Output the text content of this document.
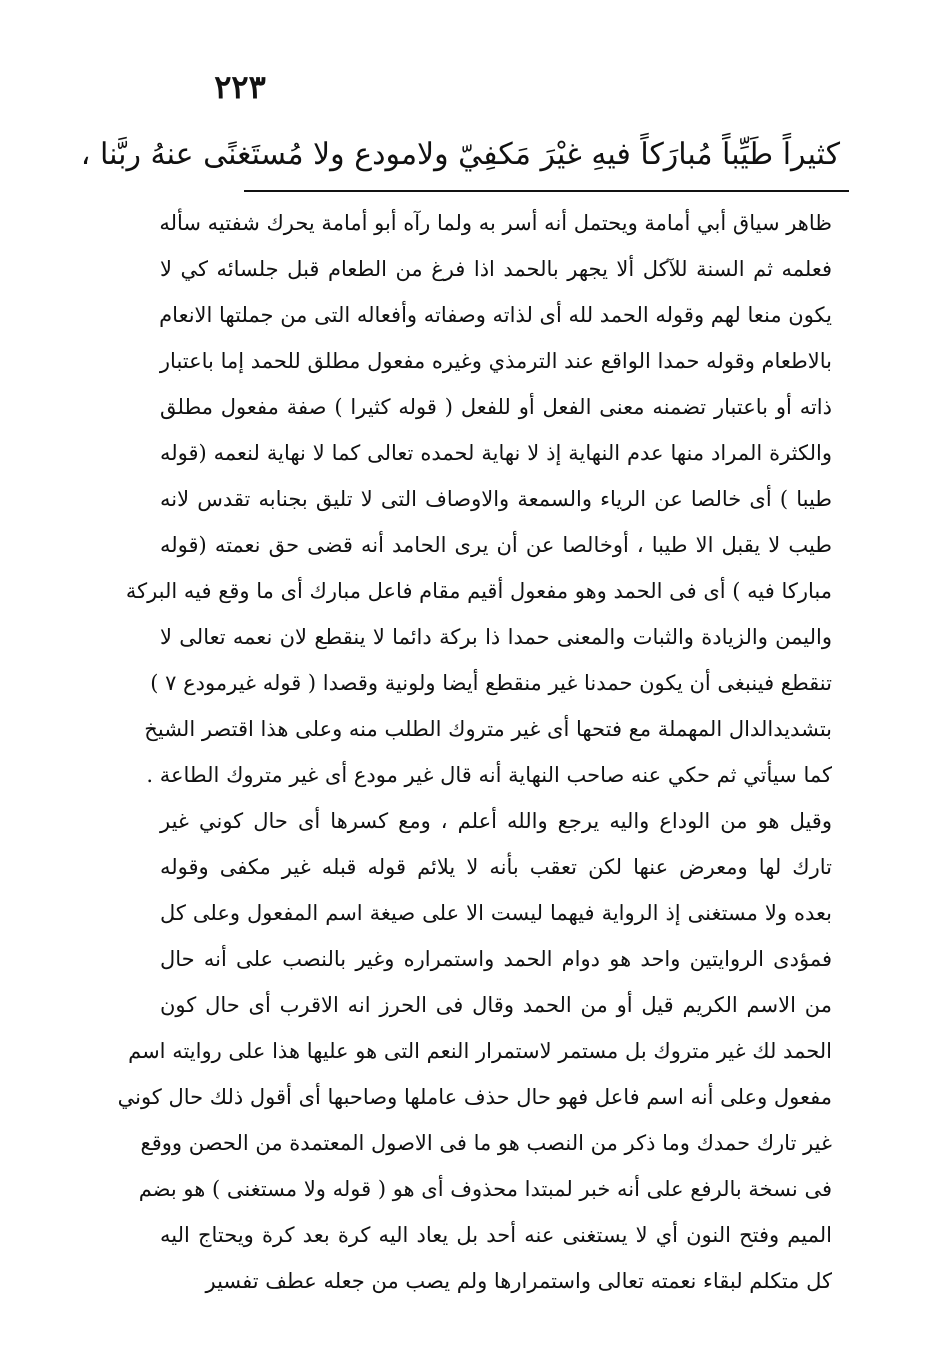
٢٢٣
كثيراً طَيِّباً مُبارَكاً فيهِ غيْرَ مَكفِيّ ولامودع ولا مُستَغنًى عنهُ ربَّنا ،
ظاهر سياق أبي أمامة ويحتمل أنه أسر به ولما رآه أبو أمامة يحرك شفتيه سأله
فعلمه ثم السنة للآكل ألا يجهر بالحمد اذا فرغ من الطعام قبل جلسائه كي لا
يكون منعا لهم وقوله الحمد لله أى لذاته وصفاته وأفعاله التى من جملتها الانعام
بالاطعام وقوله حمدا الواقع عند الترمذي وغيره مفعول مطلق للحمد إما باعتبار
ذاته أو باعتبار تضمنه معنى الفعل أو للفعل ( قوله كثيرا ) صفة مفعول مطلق
والكثرة المراد منها عدم النهاية إذ لا نهاية لحمده تعالى كما لا نهاية لنعمه (قوله
طيبا ) أى خالصا عن الرياء والسمعة والاوصاف التى لا تليق بجنابه تقدس لانه
طيب لا يقبل الا طيبا ، أوخالصا عن أن يرى الحامد أنه قضى حق نعمته (قوله
مباركا فيه ) أى فى الحمد وهو مفعول أقيم مقام فاعل مبارك أى ما وقع فيه البركة
واليمن والزيادة والثبات والمعنى حمدا ذا بركة دائما لا ينقطع لان نعمه تعالى لا
تنقطع فينبغى أن يكون حمدنا غير منقطع أيضا ولونية وقصدا ( قوله غيرمودع ٧ )
بتشديدالدال المهملة مع فتحها أى غير متروك الطلب منه وعلى هذا اقتصر الشيخ
كما سيأتي ثم حكي عنه صاحب النهاية أنه قال غير مودع أى غير متروك الطاعة .
وقيل هو من الوداع واليه يرجع والله أعلم ، ومع كسرها أى حال كوني غير
تارك لها ومعرض عنها لكن تعقب بأنه لا يلائم قوله قبله غير مكفى وقوله
بعده ولا مستغنى إذ الرواية فيهما ليست الا على صيغة اسم المفعول وعلى كل
فمؤدى الروايتين واحد هو دوام الحمد واستمراره وغير بالنصب على أنه حال
من الاسم الكريم قيل أو من الحمد وقال فى الحرز انه الاقرب أى حال كون
الحمد لك غير متروك بل مستمر لاستمرار النعم التى هو عليها هذا على روايته اسم
مفعول وعلى أنه اسم فاعل فهو حال حذف عاملها وصاحبها أى أقول ذلك حال كوني
غير تارك حمدك وما ذكر من النصب هو ما فى الاصول المعتمدة من الحصن ووقع
فى نسخة بالرفع على أنه خبر لمبتدا محذوف أى هو ( قوله ولا مستغنى ) هو بضم
الميم وفتح النون أي لا يستغنى عنه أحد بل يعاد اليه كرة بعد كرة ويحتاج اليه
كل متكلم لبقاء نعمته تعالى واستمرارها ولم يصب من جعله عطف تفسير
